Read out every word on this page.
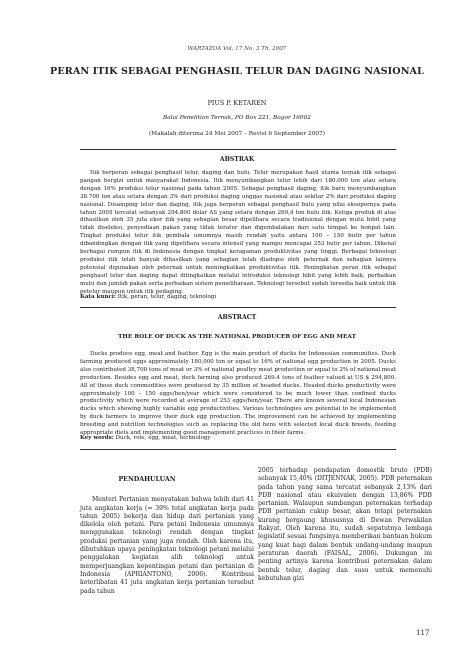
WARTAZOA Vol. 17 No. 3 Th. 2007
PERAN ITIK SEBAGAI PENGHASIL TELUR DAN DAGING NASIONAL
PIUS P. KETAREN
Balai Penelitian Ternak, PO Box 221, Bogor 16002
(Makalah diterima 24 Mei 2007 – Revisi 6 September 2007)
ABSTRAK
Itik berperan sebagai penghasil telur, daging dan bulu. Telur merupakan hasil utama ternak itik sebagai pangan bergizi untuk masyarakat Indonesia. Itik menyumbangkan telur lebih dari 180.000 ton atau setara dengan 16% produksi telur nasional pada tahun 2005. Sebagai penghasil daging, itik baru menyumbangkan 38.700 ton atau setara dengan 3% dari produksi daging unggas nasional atau sekitar 2% dari produksi daging nasional. Disamping telur dan daging, itik juga berperan sebagai penghasil bulu yang nilai eksopornya pada tahun 2005 tercatat sebanyak 294.800 dolar AS yang setara dengan 269,4 ton bulu itik. Ketiga produk di atas dihasilkan oleh 35 juta ekor itik yang sebagian besar dipelihara secara tradisional dengan mutu bibit yang tidak diseleksi, penyediaan pakan yang tidak teratur dan digembalakan dari satu tempat ke tempat lain. Tingkat produksi telur itik gembala umumnya masih rendah yaitu antara 100 – 150 butir per tahun dibandingkan dengan itik yang dipelihara secara intensif yang mampu mencapai 253 butir per tahun. Dikenal berbagai rumpun itik di Indonesia dengan tingkat keragaman produktivitas yang tinggi. Berbagai teknologi produksi itik telah banyak dihasilkan yang sebagian telah diadopsi oleh peternak dan sebagian lainnya potensial digunakan oleh peternak untuk meningkatkan produktivitas itik. Peningkatan peran itik sebagai penghasil telur dan daging dapat ditingkatkan melalui introduksi teknologi bibit yang lebih baik, perbaikan mutu dan jumlah pakan serta perbaikan sistem pemeliharaan. Teknologi tersebut sudah tersedia baik untuk itik petelur maupun untuk itik pedaging.
Kata kunci: Itik, peran, telur, daging, teknologi
ABSTRACT
THE ROLE OF DUCK AS THE NATIONAL PRODUCER OF EGG AND MEAT
Ducks produce egg, meat and feather. Egg is the main product of ducks for Indonesian communities. Duck farming produced eggs approximately 180,000 ton or equal to 16% of national egg production in 2005. Ducks also contributed 38,700 tons of meat or 3% of national poultry meat production or equal to 2% of national meat production. Besides egg and meat, duck farming also produced 269.4 tons of feather valued at US $ 294,800. All of those duck commodities were produced by 35 million of headed ducks. Headed ducks productivity were approximately 100 – 150 eggs/hen/year which were considered to be much lower than confined ducks productivity which were recorded at average of 253 eggs/hen/year. There are known several local Indonesian ducks which showing highly variable egg productivities. Various technologies are potential to be implemented by duck farmers to improve their duck egg production. The improvement can be achieved by implementing breeding and nutrition technologies such as replacing the old hens with selected local duck breeds, feeding appropriate diets and implementing good management practices in their farms.
Key words: Duck, role, egg, meat, technology
PENDAHULUAN
Menteri Pertanian menyatakan bahwa lebih dari 41 juta angkatan kerja (= 39% total angkatan kerja pada tahun 2005) bekerja dan hidup dari pertanian yang dikelola oleh petani. Para petani Indonesia umumnya menggunakan teknologi rendah dengan tingkat produksi pertanian yang juga rendah. Oleh karena itu, dibutuhkan upaya peningkatan teknologi petani melalui penggalakan kegiatan alih teknologi untuk memperjuangkan kepentingan petani dan pertanian di Indonesia (APRIANTONO, 2006). Kontribusi keterlibatan 41 juta angkatan kerja pertanian tersebut pada tahun
2005 terhadap pendapatan domestik bruto (PDB) sebanyak 15,40% (DITJENNAK, 2005). PDB peternakan pada tahun yang sama tercatat sebanyak 2,13% dari PDB nasional atau ekuivalen dengan 13,86% PDB pertanian. Walaupun sumbangan peternakan terhadap PDB pertanian cukup besar, akan tetapi peternakan kurang bergaung khususnya di Dewan Perwakilan Rakyat. Oleh karena itu, sudah sepatutnya lembaga legislatif sesuai fungsinya memberikan bantuan hukum yang kuat bagi dalam bentuk undang-undang maupun peraturan daerah (FAISAL, 2006). Dukungan ini penting artinya karena kontribusi peternakan dalam bentuk telur, daging dan susu untuk memenuhi kebutuhan gizi
117
